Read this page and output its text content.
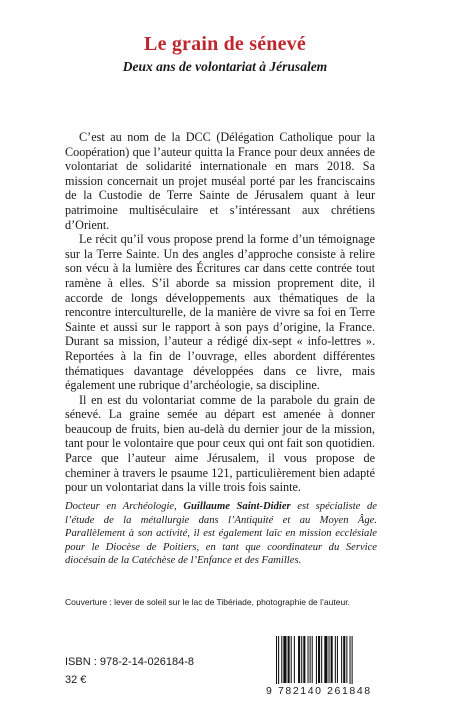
Le grain de sénevé
Deux ans de volontariat à Jérusalem

C’est au nom de la DCC (Délégation Catholique pour la Coopération) que l’auteur quitta la France pour deux années de volontariat de solidarité internationale en mars 2018. Sa mission concernait un projet muséal porté par les franciscains de la Custodie de Terre Sainte de Jérusalem quant à leur patrimoine multiséculaire et s’intéressant aux chrétiens d’Orient.

Le récit qu’il vous propose prend la forme d’un témoignage sur la Terre Sainte. Un des angles d’approche consiste à relire son vécu à la lumière des Écritures car dans cette contrée tout ramène à elles. S’il aborde sa mission proprement dite, il accorde de longs développements aux thématiques de la rencontre interculturelle, de la manière de vivre sa foi en Terre Sainte et aussi sur le rapport à son pays d’origine, la France. Durant sa mission, l’auteur a rédigé dix-sept « info-lettres ». Reportées à la fin de l’ouvrage, elles abordent différentes thématiques davantage développées dans ce livre, mais également une rubrique d’archéologie, sa discipline.

Il en est du volontariat comme de la parabole du grain de sénevé. La graine semée au départ est amenée à donner beaucoup de fruits, bien au-delà du dernier jour de la mission, tant pour le volontaire que pour ceux qui ont fait son quotidien. Parce que l’auteur aime Jérusalem, il vous propose de cheminer à travers le psaume 121, particulièrement bien adapté pour un volontariat dans la ville trois fois sainte.

Docteur en Archéologie, Guillaume Saint-Didier est spécialiste de l’étude de la métallurgie dans l’Antiquité et au Moyen Âge. Parallèlement à son activité, il est également laïc en mission ecclésiale pour le Diocèse de Poitiers, en tant que coordinateur du Service diocésain de la Catéchèse de l’Enfance et des Familles.

Couverture : lever de soleil sur le lac de Tibériade, photographie de l’auteur.

ISBN : 978-2-14-026184-8

32 €

9 782140 261848
